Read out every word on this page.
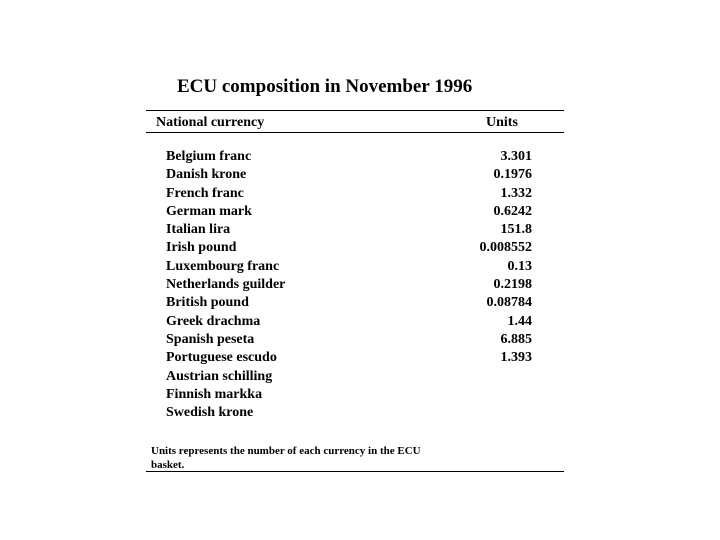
ECU composition in November 1996
National currency	Units
Belgium franc	3.301
Danish krone	0.1976
French franc	1.332
German mark	0.6242
Italian lira	151.8
Irish pound	0.008552
Luxembourg franc	0.13
Netherlands guilder	0.2198
British pound	0.08784
Greek drachma	1.44
Spanish peseta	6.885
Portuguese escudo	1.393
Austrian schilling
Finnish markka
Swedish krone
Units represents the number of each currency in the ECU basket.
